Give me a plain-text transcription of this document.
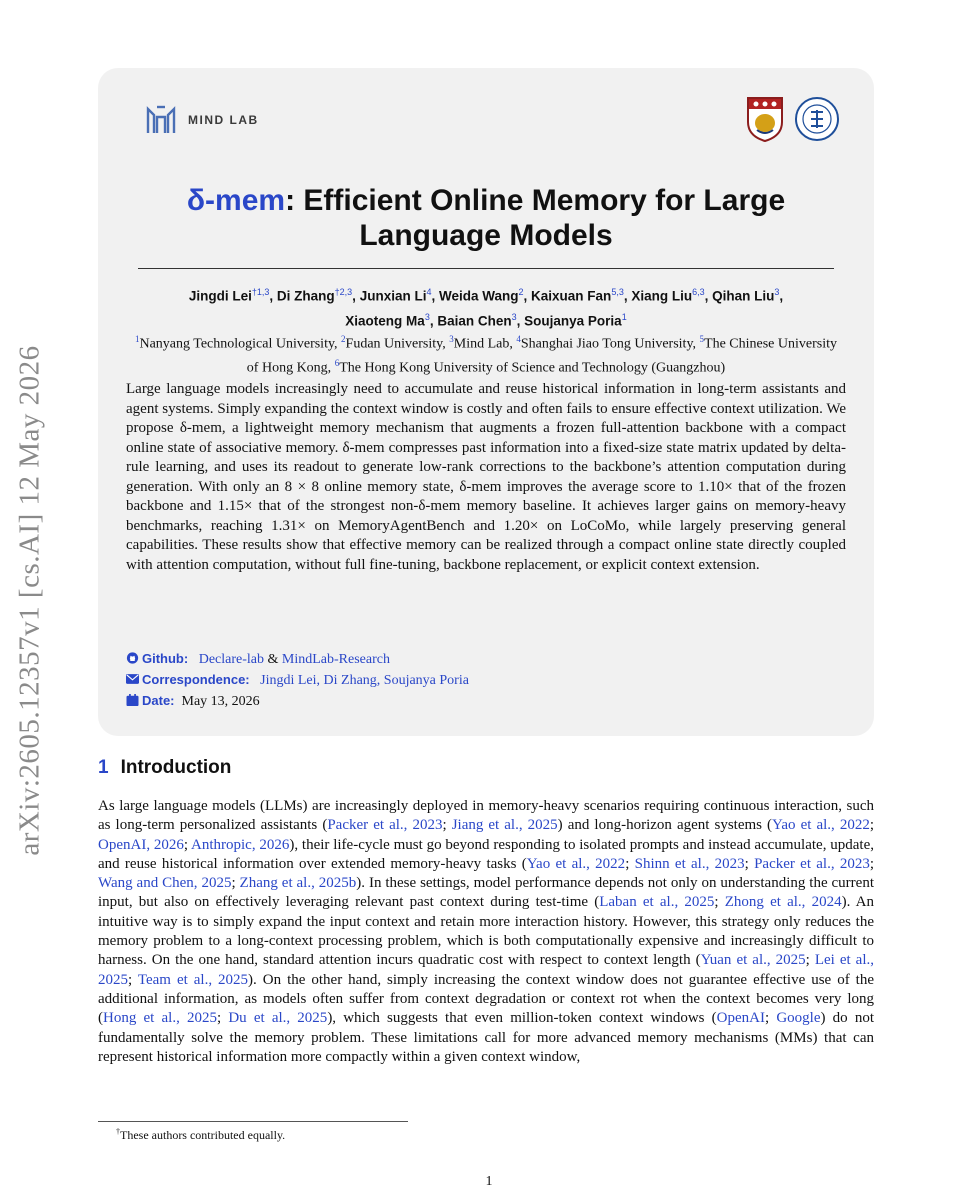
arXiv:2605.12357v1 [cs.AI] 12 May 2026
MIND LAB
δ-mem: Efficient Online Memory for Large Language Models
Jingdi Lei$^{\dagger 1,3}$, Di Zhang$^{\dagger 2,3}$, Junxian Li$^4$, Weida Wang$^2$, Kaixuan Fan$^{5,3}$, Xiang Liu$^{6,3}$, Qihan Liu$^3$,
Xiaoteng Ma$^3$, Baian Chen$^3$, Soujanya Poria$^1$
$^1$Nanyang Technological University, $^2$Fudan University, $^3$Mind Lab, $^4$Shanghai Jiao Tong University, $^5$The Chinese University of Hong Kong, $^6$The Hong Kong University of Science and Technology (Guangzhou)
Large language models increasingly need to accumulate and reuse historical information in long-term assistants and agent systems. Simply expanding the context window is costly and often fails to ensure effective context utilization. We propose δ-mem, a lightweight memory mechanism that augments a frozen full-attention backbone with a compact online state of associative memory. δ-mem compresses past information into a fixed-size state matrix updated by delta-rule learning, and uses its readout to generate low-rank corrections to the backbone’s attention computation during generation. With only an 8 × 8 online memory state, δ-mem improves the average score to 1.10× that of the frozen backbone and 1.15× that of the strongest non-δ-mem memory baseline. It achieves larger gains on memory-heavy benchmarks, reaching 1.31× on MemoryAgentBench and 1.20× on LoCoMo, while largely preserving general capabilities. These results show that effective memory can be realized through a compact online state directly coupled with attention computation, without full fine-tuning, backbone replacement, or explicit context extension.
Github: Declare-lab & MindLab-Research
Correspondence: Jingdi Lei, Di Zhang, Soujanya Poria
Date: May 13, 2026
1 Introduction
As large language models (LLMs) are increasingly deployed in memory-heavy scenarios requiring continuous interaction, such as long-term personalized assistants (Packer et al., 2023; Jiang et al., 2025) and long-horizon agent systems (Yao et al., 2022; OpenAI, 2026; Anthropic, 2026), their life-cycle must go beyond responding to isolated prompts and instead accumulate, update, and reuse historical information over extended memory-heavy tasks (Yao et al., 2022; Shinn et al., 2023; Packer et al., 2023; Wang and Chen, 2025; Zhang et al., 2025b). In these settings, model performance depends not only on understanding the current input, but also on effectively leveraging relevant past context during test-time (Laban et al., 2025; Zhong et al., 2024). An intuitive way is to simply expand the input context and retain more interaction history. However, this strategy only reduces the memory problem to a long-context processing problem, which is both computationally expensive and increasingly difficult to harness. On the one hand, standard attention incurs quadratic cost with respect to context length (Yuan et al., 2025; Lei et al., 2025; Team et al., 2025). On the other hand, simply increasing the context window does not guarantee effective use of the additional information, as models often suffer from context degradation or context rot when the context becomes very long (Hong et al., 2025; Du et al., 2025), which suggests that even million-token context windows (OpenAI; Google) do not fundamentally solve the memory problem. These limitations call for more advanced memory mechanisms (MMs) that can represent historical information more compactly within a given context window,
†These authors contributed equally.
1
